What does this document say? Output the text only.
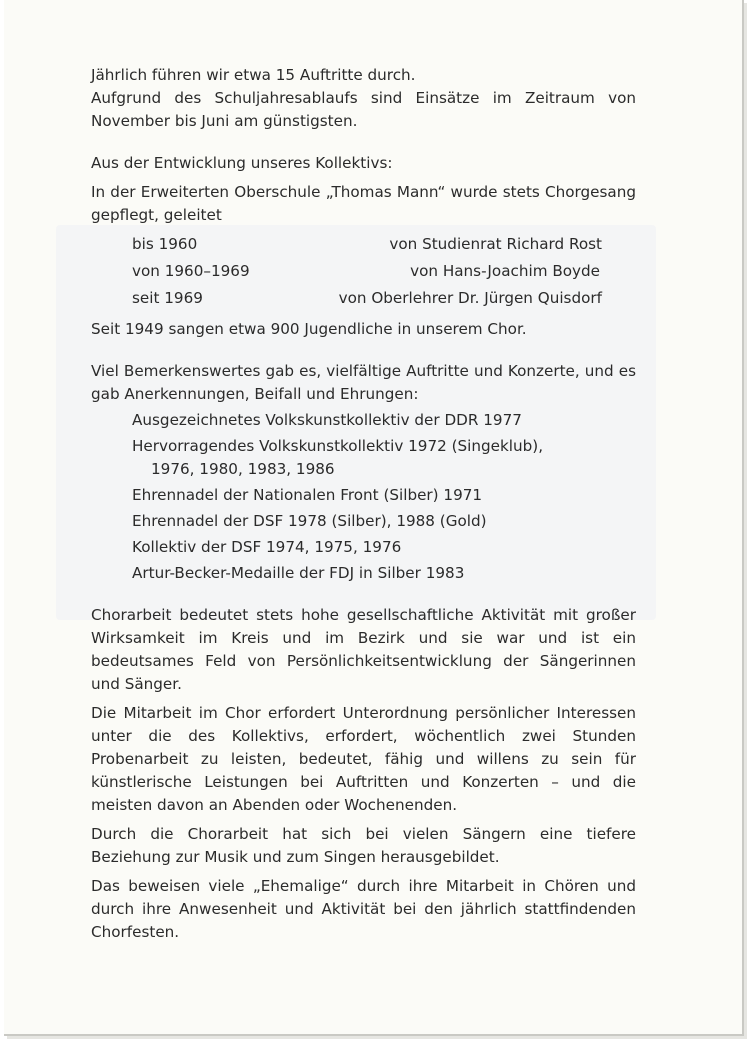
Jährlich führen wir etwa 15 Auftritte durch.

Aufgrund des Schuljahresablaufs sind Einsätze im Zeitraum von November bis Juni am günstigsten.

Aus der Entwicklung unseres Kollektivs:

In der Erweiterten Oberschule „Thomas Mann“ wurde stets Chorgesang gepflegt, geleitet

bis 1960	von Studienrat Richard Rost
von 1960–1969	von Hans-Joachim Boyde
seit 1969	von Oberlehrer Dr. Jürgen Quisdorf

Seit 1949 sangen etwa 900 Jugendliche in unserem Chor.

Viel Bemerkenswertes gab es, vielfältige Auftritte und Konzerte, und es gab Anerkennungen, Beifall und Ehrungen:

Ausgezeichnetes Volkskunstkollektiv der DDR 1977
Hervorragendes Volkskunstkollektiv 1972 (Singeklub),
1976, 1980, 1983, 1986
Ehrennadel der Nationalen Front (Silber) 1971
Ehrennadel der DSF 1978 (Silber), 1988 (Gold)
Kollektiv der DSF 1974, 1975, 1976
Artur-Becker-Medaille der FDJ in Silber 1983

Chorarbeit bedeutet stets hohe gesellschaftliche Aktivität mit großer Wirksamkeit im Kreis und im Bezirk und sie war und ist ein bedeutsames Feld von Persönlichkeitsentwicklung der Sängerinnen und Sänger.

Die Mitarbeit im Chor erfordert Unterordnung persönlicher Interessen unter die des Kollektivs, erfordert, wöchentlich zwei Stunden Probenarbeit zu leisten, bedeutet, fähig und willens zu sein für künstlerische Leistungen bei Auftritten und Konzerten – und die meisten davon an Abenden oder Wochenenden.

Durch die Chorarbeit hat sich bei vielen Sängern eine tiefere Beziehung zur Musik und zum Singen herausgebildet.

Das beweisen viele „Ehemalige“ durch ihre Mitarbeit in Chören und durch ihre Anwesenheit und Aktivität bei den jährlich stattfindenden Chorfesten.
